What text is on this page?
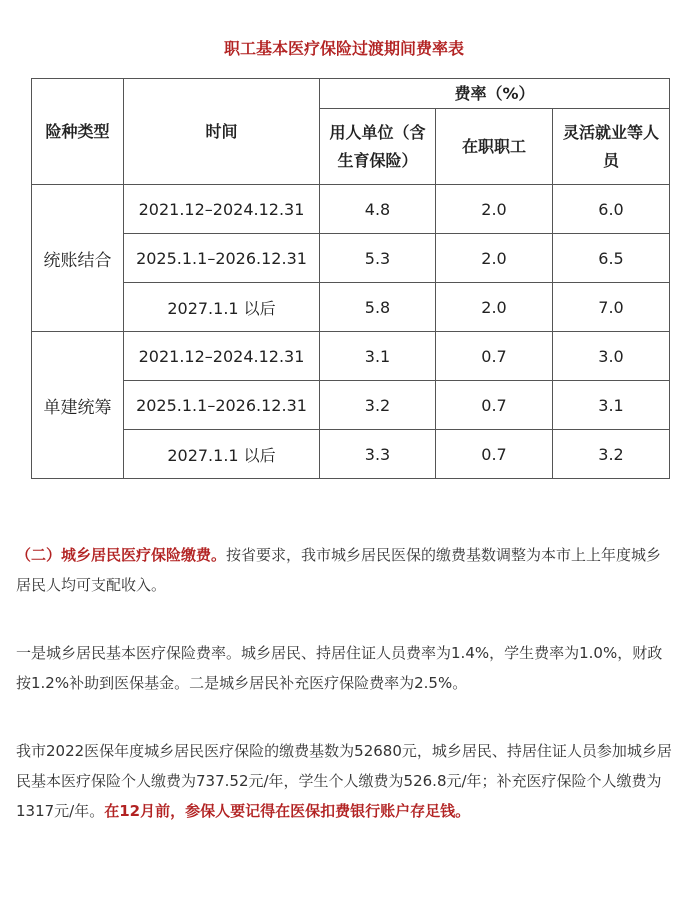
职工基本医疗保险过渡期间费率表
险种类型	时间	费率（%）		
		用人单位（含生育保险）	在职职工	灵活就业等人员
统账结合	2021.12–2024.12.31	4.8	2.0	6.0
	2025.1.1–2026.12.31	5.3	2.0	6.5
	2027.1.1 以后	5.8	2.0	7.0
单建统筹	2021.12–2024.12.31	3.1	0.7	3.0
	2025.1.1–2026.12.31	3.2	0.7	3.1
	2027.1.1 以后	3.3	0.7	3.2

（二）城乡居民医疗保险缴费。按省要求，我市城乡居民医保的缴费基数调整为本市上上年度城乡居民人均可支配收入。

一是城乡居民基本医疗保险费率。城乡居民、持居住证人员费率为1.4%，学生费率为1.0%，财政按1.2%补助到医保基金。二是城乡居民补充医疗保险费率为2.5%。

我市2022医保年度城乡居民医疗保险的缴费基数为52680元，城乡居民、持居住证人员参加城乡居民基本医疗保险个人缴费为737.52元/年，学生个人缴费为526.8元/年；补充医疗保险个人缴费为1317元/年。在12月前，参保人要记得在医保扣费银行账户存足钱。
